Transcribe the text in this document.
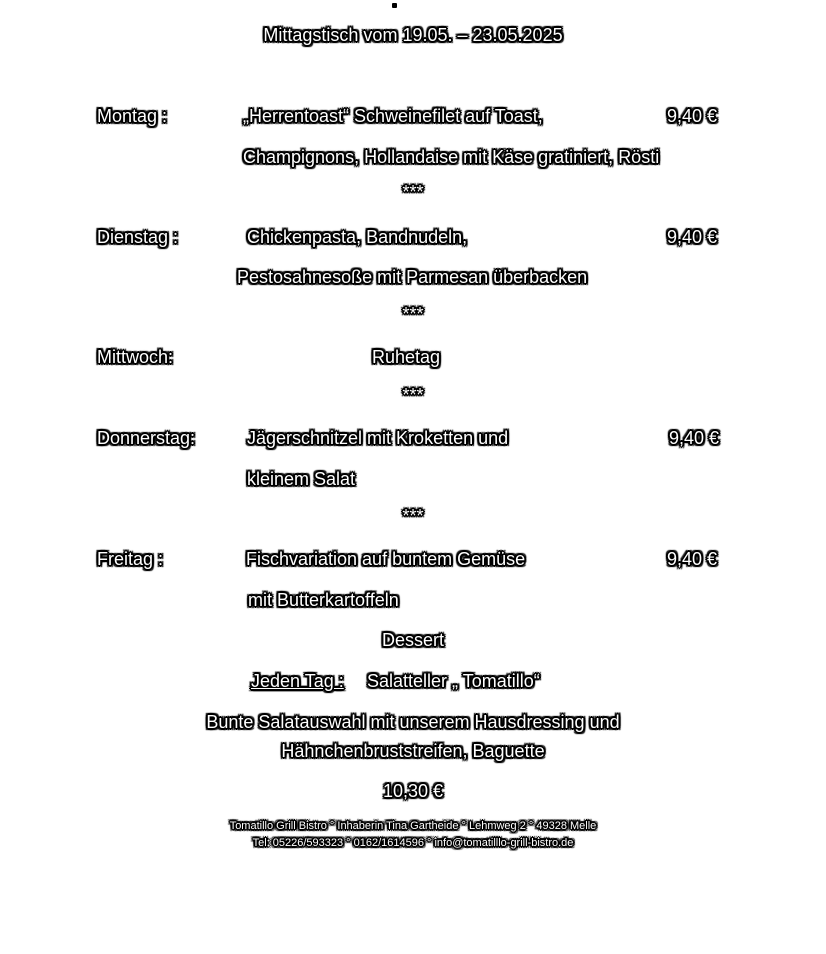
Mittagstisch vom 19.05. – 23.05.2025
Montag :	„Herrentoast“ Schweinefilet auf Toast,	9,40 €
Champignons, Hollandaise mit Käse gratiniert, Rösti
***
Dienstag :	Chickenpasta, Bandnudeln,	9,40 €
Pestosahnesoße mit Parmesan überbacken
***
Mittwoch:	Ruhetag
***
Donnerstag:	Jägerschnitzel mit Kroketten und	9,40 €
kleinem Salat
***
Freitag :	Fischvariation auf buntem Gemüse	9,40 €
mit Butterkartoffeln
Dessert
Jeden Tag : Salatteller „ Tomatillo“
Bunte Salatauswahl mit unserem Hausdressing und
Hähnchenbruststreifen, Baguette
10,30 €
Tomatillo Grill Bistro ° Inhaberin Tina Gartheide ° Lehmweg 2 ° 49328 Melle
Tel: 05226/593323 ° 0162/1614596 ° info@tomatilllo-grill-bistro.de
